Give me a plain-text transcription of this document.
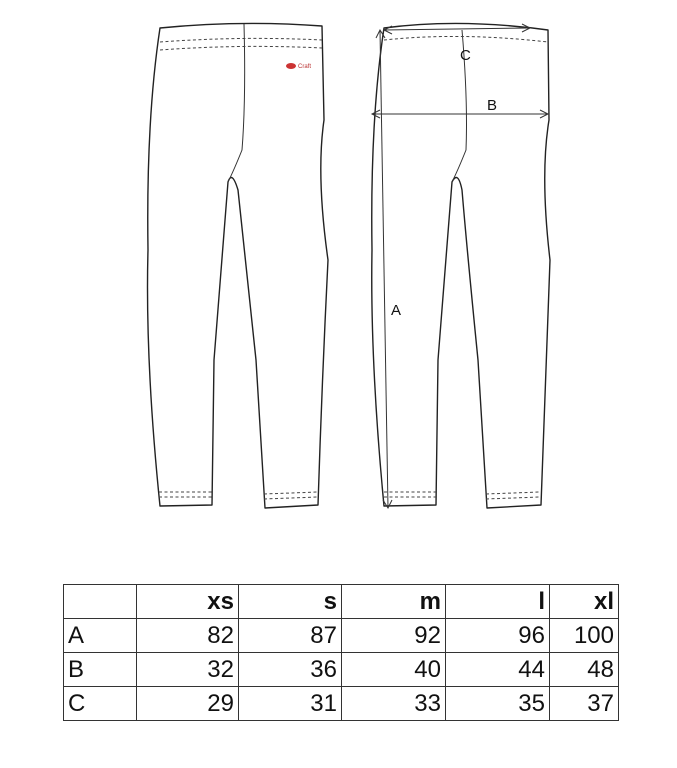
Craft
A
B
C
	xs	s	m	l	xl
A	82	87	92	96	100
B	32	36	40	44	48
C	29	31	33	35	37
